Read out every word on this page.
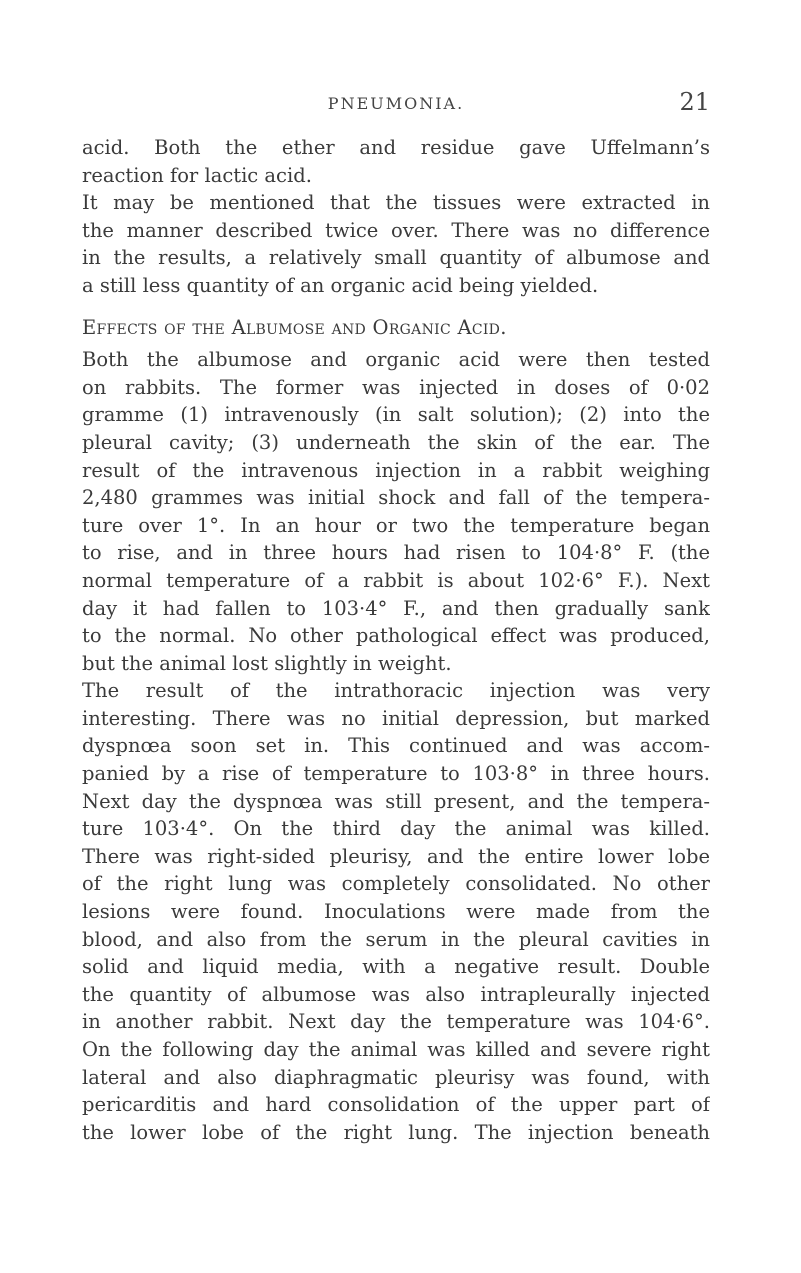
PNEUMONIA.	21
acid. Both the ether and residue gave Uffelmann’s
reaction for lactic acid.
It may be mentioned that the tissues were extracted in
the manner described twice over. There was no difference
in the results, a relatively small quantity of albumose and
a still less quantity of an organic acid being yielded.
Effects of the Albumose and Organic Acid.
Both the albumose and organic acid were then tested
on rabbits. The former was injected in doses of 0·02
gramme (1) intravenously (in salt solution); (2) into the
pleural cavity; (3) underneath the skin of the ear. The
result of the intravenous injection in a rabbit weighing
2,480 grammes was initial shock and fall of the tempera-
ture over 1°. In an hour or two the temperature began
to rise, and in three hours had risen to 104·8° F. (the
normal temperature of a rabbit is about 102·6° F.). Next
day it had fallen to 103·4° F., and then gradually sank
to the normal. No other pathological effect was produced,
but the animal lost slightly in weight.
The result of the intrathoracic injection was very
interesting. There was no initial depression, but marked
dyspnœa soon set in. This continued and was accom-
panied by a rise of temperature to 103·8° in three hours.
Next day the dyspnœa was still present, and the tempera-
ture 103·4°. On the third day the animal was killed.
There was right-sided pleurisy, and the entire lower lobe
of the right lung was completely consolidated. No other
lesions were found. Inoculations were made from the
blood, and also from the serum in the pleural cavities in
solid and liquid media, with a negative result. Double
the quantity of albumose was also intrapleurally injected
in another rabbit. Next day the temperature was 104·6°.
On the following day the animal was killed and severe right
lateral and also diaphragmatic pleurisy was found, with
pericarditis and hard consolidation of the upper part of
the lower lobe of the right lung. The injection beneath
